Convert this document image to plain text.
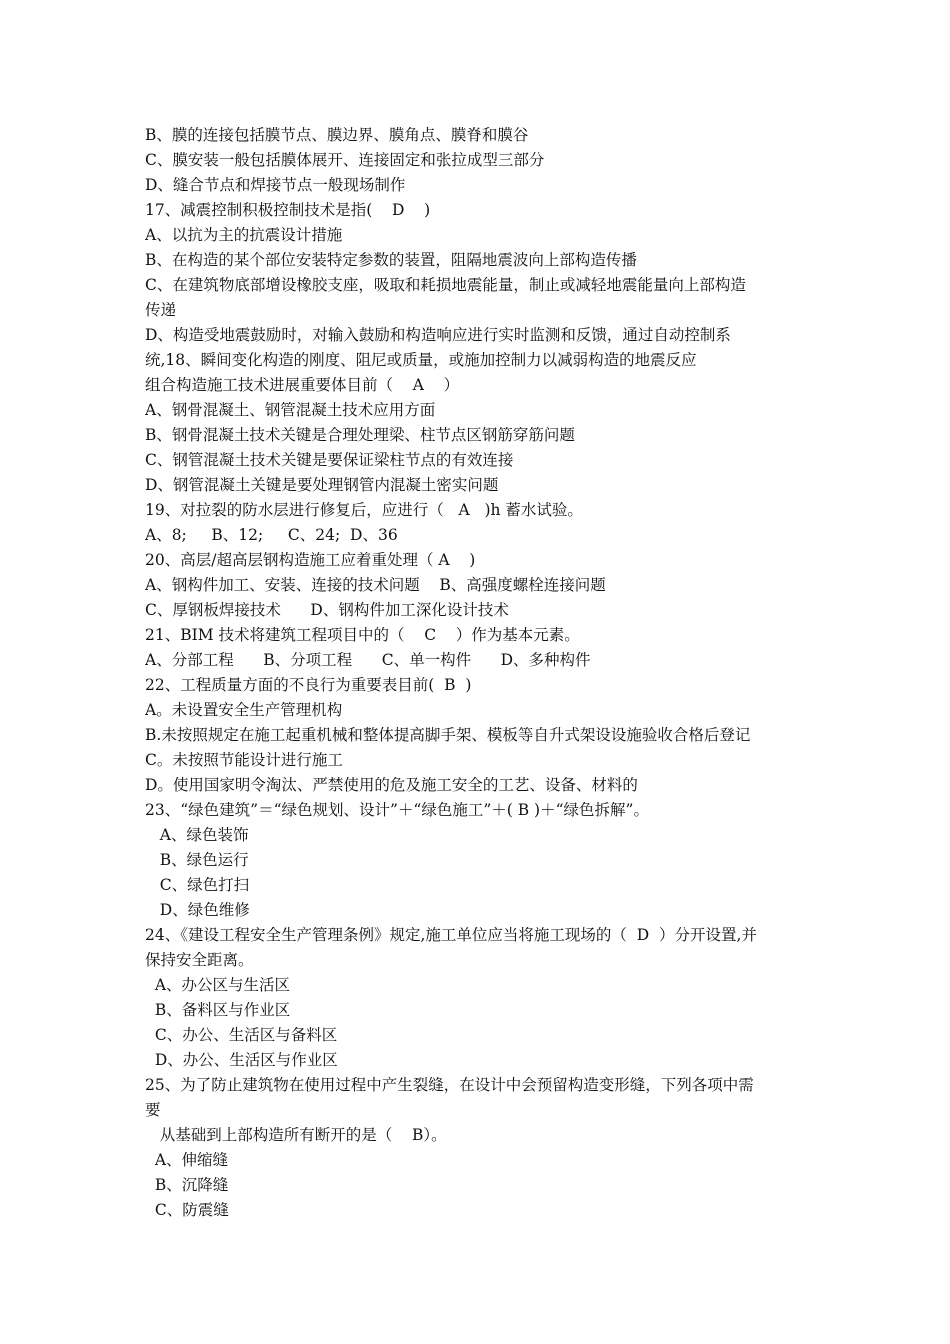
B、膜的连接包括膜节点、膜边界、膜角点、膜脊和膜谷
C、膜安装一般包括膜体展开、连接固定和张拉成型三部分
D、缝合节点和焊接节点一般现场制作
17、减震控制积极控制技术是指(    D    )
A、以抗为主的抗震设计措施
B、在构造的某个部位安装特定参数的装置，阻隔地震波向上部构造传播
C、在建筑物底部增设橡胶支座，吸取和耗损地震能量，制止或减轻地震能量向上部构造
传递
D、构造受地震鼓励时，对输入鼓励和构造响应进行实时监测和反馈，通过自动控制系
统,18、瞬间变化构造的刚度、阻尼或质量，或施加控制力以减弱构造的地震反应
组合构造施工技术进展重要体目前（    A    ）
A、钢骨混凝土、钢管混凝土技术应用方面
B、钢骨混凝土技术关键是合理处理梁、柱节点区钢筋穿筋问题
C、钢管混凝土技术关键是要保证梁柱节点的有效连接
D、钢管混凝土关键是要处理钢管内混凝土密实问题
19、对拉裂的防水层进行修复后，应进行（   A   )h 蓄水试验。
A、8;     B、12;     C、24;  D、36
20、高层/超高层钢构造施工应着重处理（ A    )
A、钢构件加工、安装、连接的技术问题    B、高强度螺栓连接问题
C、厚钢板焊接技术      D、钢构件加工深化设计技术
21、BIM 技术将建筑工程项目中的（    C    ）作为基本元素。
A、分部工程      B、分项工程      C、单一构件      D、多种构件
22、工程质量方面的不良行为重要表目前(  B  )
A。未设置安全生产管理机构
B.未按照规定在施工起重机械和整体提高脚手架、模板等自升式架设设施验收合格后登记
C。未按照节能设计进行施工
D。使用国家明令淘汰、严禁使用的危及施工安全的工艺、设备、材料的
23、“绿色建筑”＝“绿色规划、设计”＋“绿色施工”＋( B )＋“绿色拆解”。
A、绿色装饰
B、绿色运行
C、绿色打扫
D、绿色维修
24、《建设工程安全生产管理条例》规定,施工单位应当将施工现场的（  D  ）分开设置,并
保持安全距离。
A、办公区与生活区
B、备料区与作业区
C、办公、生活区与备料区
D、办公、生活区与作业区
25、为了防止建筑物在使用过程中产生裂缝，在设计中会预留构造变形缝，下列各项中需
要
从基础到上部构造所有断开的是（    B）。
A、伸缩缝
B、沉降缝
C、防震缝
